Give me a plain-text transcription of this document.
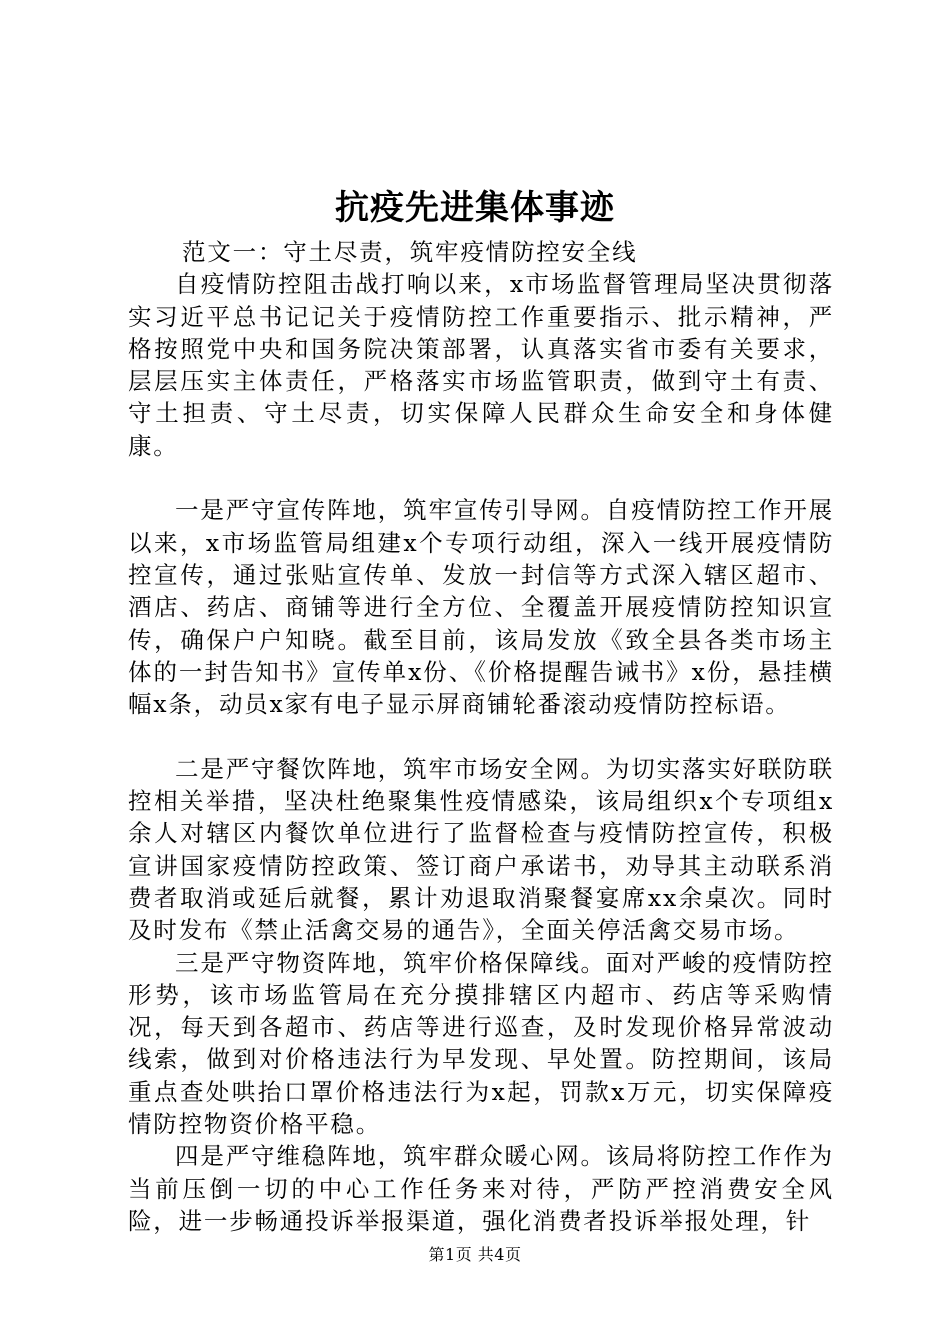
抗疫先进集体事迹

范文一：守土尽责，筑牢疫情防控安全线

自疫情防控阻击战打响以来，x市场监督管理局坚决贯彻落实习近平总书记记关于疫情防控工作重要指示、批示精神，严格按照党中央和国务院决策部署，认真落实省市委有关要求，层层压实主体责任，严格落实市场监管职责，做到守土有责、守土担责、守土尽责，切实保障人民群众生命安全和身体健康。

一是严守宣传阵地，筑牢宣传引导网。自疫情防控工作开展以来，x市场监管局组建x个专项行动组，深入一线开展疫情防控宣传，通过张贴宣传单、发放一封信等方式深入辖区超市、酒店、药店、商铺等进行全方位、全覆盖开展疫情防控知识宣传，确保户户知晓。截至目前，该局发放《致全县各类市场主体的一封告知书》宣传单x份、《价格提醒告诫书》x份，悬挂横幅x条，动员x家有电子显示屏商铺轮番滚动疫情防控标语。

二是严守餐饮阵地，筑牢市场安全网。为切实落实好联防联控相关举措，坚决杜绝聚集性疫情感染，该局组织x个专项组x余人对辖区内餐饮单位进行了监督检查与疫情防控宣传，积极宣讲国家疫情防控政策、签订商户承诺书，劝导其主动联系消费者取消或延后就餐，累计劝退取消聚餐宴席xx余桌次。同时及时发布《禁止活禽交易的通告》，全面关停活禽交易市场。

三是严守物资阵地，筑牢价格保障线。面对严峻的疫情防控形势，该市场监管局在充分摸排辖区内超市、药店等采购情况，每天到各超市、药店等进行巡查，及时发现价格异常波动线索，做到对价格违法行为早发现、早处置。防控期间，该局重点查处哄抬口罩价格违法行为x起，罚款x万元，切实保障疫情防控物资价格平稳。

四是严守维稳阵地，筑牢群众暖心网。该局将防控工作作为当前压倒一切的中心工作任务来对待，严防严控消费安全风险，进一步畅通投诉举报渠道，强化消费者投诉举报处理，针

第1页 共4页
